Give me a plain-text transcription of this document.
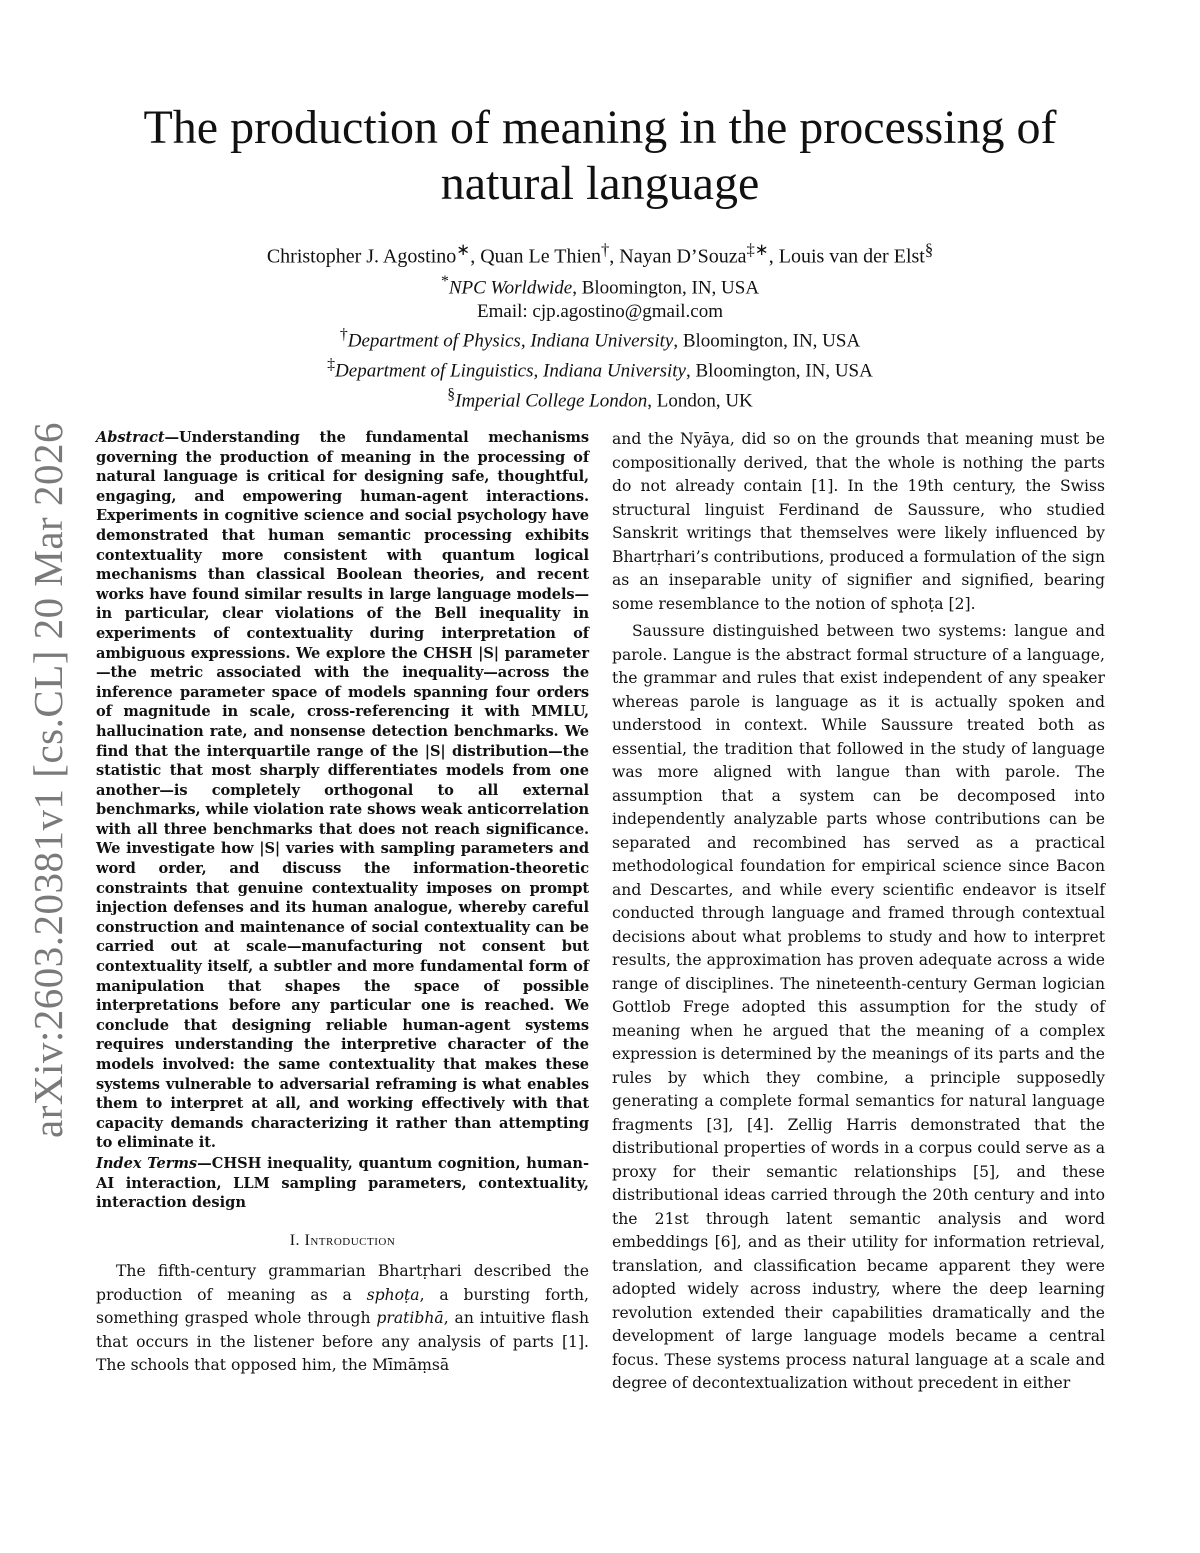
arXiv:2603.20381v1 [cs.CL] 20 Mar 2026
The production of meaning in the processing of natural language
Christopher J. Agostino∗, Quan Le Thien†, Nayan D’Souza‡∗, Louis van der Elst§
*NPC Worldwide, Bloomington, IN, USA
Email: cjp.agostino@gmail.com
†Department of Physics, Indiana University, Bloomington, IN, USA
‡Department of Linguistics, Indiana University, Bloomington, IN, USA
§Imperial College London, London, UK

Abstract—Understanding the fundamental mechanisms governing the production of meaning in the processing of natural language is critical for designing safe, thoughtful, engaging, and empowering human-agent interactions. Experiments in cognitive science and social psychology have demonstrated that human semantic processing exhibits contextuality more consistent with quantum logical mechanisms than classical Boolean theories, and recent works have found similar results in large language models—in particular, clear violations of the Bell inequality in experiments of contextuality during interpretation of ambiguous expressions. We explore the CHSH |S| parameter—the metric associated with the inequality—across the inference parameter space of models spanning four orders of magnitude in scale, cross-referencing it with MMLU, hallucination rate, and nonsense detection benchmarks. We find that the interquartile range of the |S| distribution—the statistic that most sharply differentiates models from one another—is completely orthogonal to all external benchmarks, while violation rate shows weak anticorrelation with all three benchmarks that does not reach significance. We investigate how |S| varies with sampling parameters and word order, and discuss the information-theoretic constraints that genuine contextuality imposes on prompt injection defenses and its human analogue, whereby careful construction and maintenance of social contextuality can be carried out at scale—manufacturing not consent but contextuality itself, a subtler and more fundamental form of manipulation that shapes the space of possible interpretations before any particular one is reached. We conclude that designing reliable human-agent systems requires understanding the interpretive character of the models involved: the same contextuality that makes these systems vulnerable to adversarial reframing is what enables them to interpret at all, and working effectively with that capacity demands characterizing it rather than attempting to eliminate it.

Index Terms—CHSH inequality, quantum cognition, human-AI interaction, LLM sampling parameters, contextuality, interaction design

I. Introduction

The fifth-century grammarian Bhartṛhari described the production of meaning as a sphoṭa, a bursting forth, something grasped whole through pratibhā, an intuitive flash that occurs in the listener before any analysis of parts [1]. The schools that opposed him, the Mīmāṃsā

and the Nyāya, did so on the grounds that meaning must be compositionally derived, that the whole is nothing the parts do not already contain [1]. In the 19th century, the Swiss structural linguist Ferdinand de Saussure, who studied Sanskrit writings that themselves were likely influenced by Bhartṛhari’s contributions, produced a formulation of the sign as an inseparable unity of signifier and signified, bearing some resemblance to the notion of sphoṭa [2].

Saussure distinguished between two systems: langue and parole. Langue is the abstract formal structure of a language, the grammar and rules that exist independent of any speaker whereas parole is language as it is actually spoken and understood in context. While Saussure treated both as essential, the tradition that followed in the study of language was more aligned with langue than with parole. The assumption that a system can be decomposed into independently analyzable parts whose contributions can be separated and recombined has served as a practical methodological foundation for empirical science since Bacon and Descartes, and while every scientific endeavor is itself conducted through language and framed through contextual decisions about what problems to study and how to interpret results, the approximation has proven adequate across a wide range of disciplines. The nineteenth-century German logician Gottlob Frege adopted this assumption for the study of meaning when he argued that the meaning of a complex expression is determined by the meanings of its parts and the rules by which they combine, a principle supposedly generating a complete formal semantics for natural language fragments [3], [4]. Zellig Harris demonstrated that the distributional properties of words in a corpus could serve as a proxy for their semantic relationships [5], and these distributional ideas carried through the 20th century and into the 21st through latent semantic analysis and word embeddings [6], and as their utility for information retrieval, translation, and classification became apparent they were adopted widely across industry, where the deep learning revolution extended their capabilities dramatically and the development of large language models became a central focus. These systems process natural language at a scale and degree of decontextualization without precedent in either
